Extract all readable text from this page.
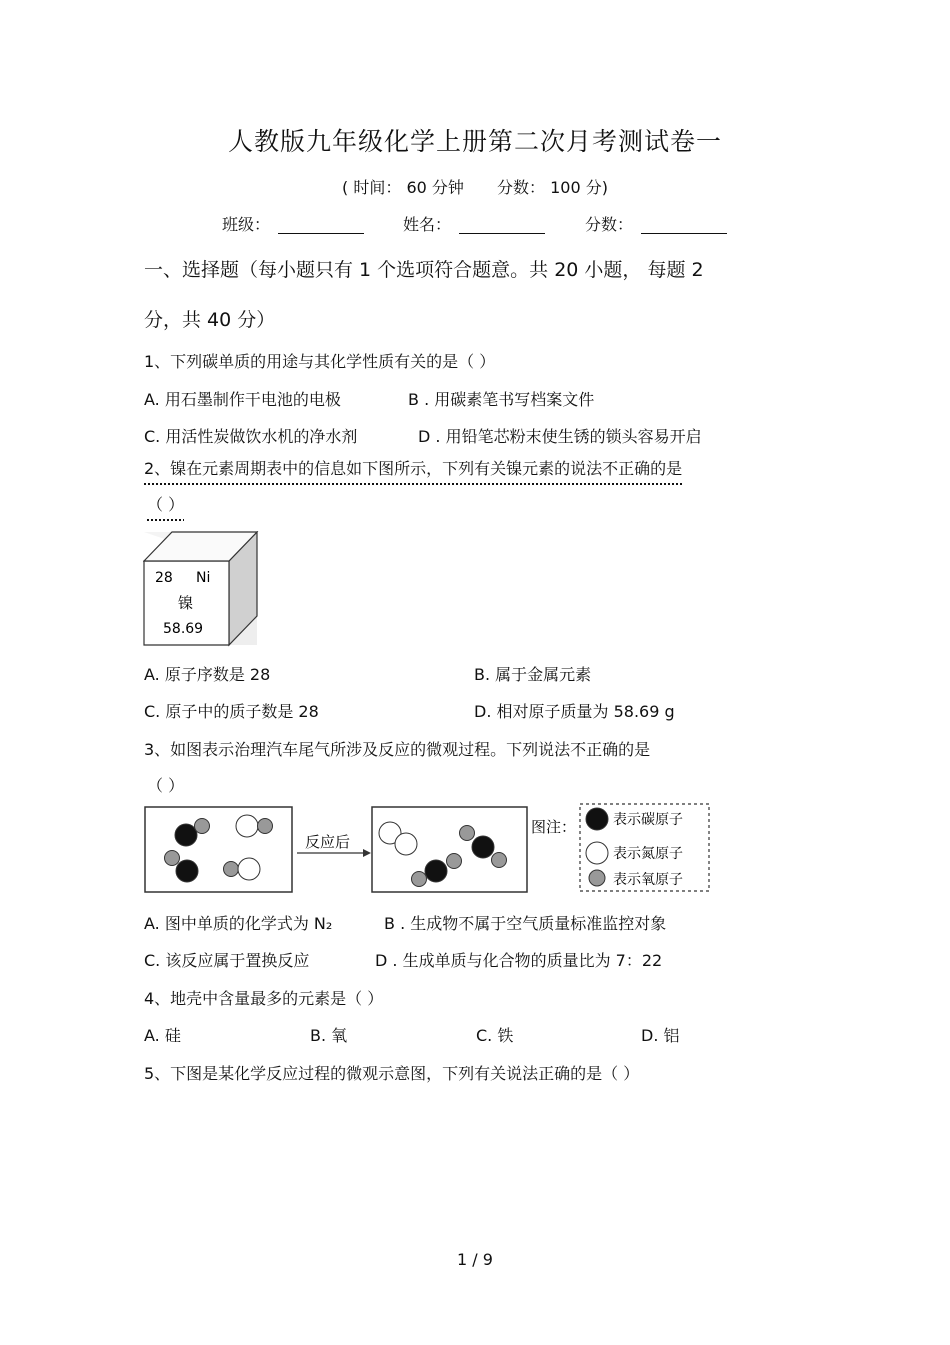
人教版九年级化学上册第二次月考测试卷一
( 时间： 60 分钟 分数： 100 分)
班级：	姓名：	分数：
一、选择题（每小题只有 1 个选项符合题意。共 20 小题， 每题 2
分，共 40 分）
1、下列碳单质的用途与其化学性质有关的是（ ）
A. 用石墨制作干电池的电极	B . 用碳素笔书写档案文件
C. 用活性炭做饮水机的净水剂	D . 用铅笔芯粉末使生锈的锁头容易开启
2、镍在元素周期表中的信息如下图所示，下列有关镍元素的说法不正确的是
（ ）
28 Ni
镍
58.69
A. 原子序数是 28	B. 属于金属元素
C. 原子中的质子数是 28	D. 相对原子质量为 58.69 g
3、如图表示治理汽车尾气所涉及反应的微观过程。下列说法不正确的是
（ ）
反应后
图注：	表示碳原子
表示氮原子
表示氧原子
A. 图中单质的化学式为 N₂	B . 生成物不属于空气质量标准监控对象
C. 该反应属于置换反应	D . 生成单质与化合物的质量比为 7：22
4、地壳中含量最多的元素是（ ）
A. 硅	B. 氧	C. 铁	D. 铝
5、下图是某化学反应过程的微观示意图，下列有关说法正确的是（ ）
1 / 9
